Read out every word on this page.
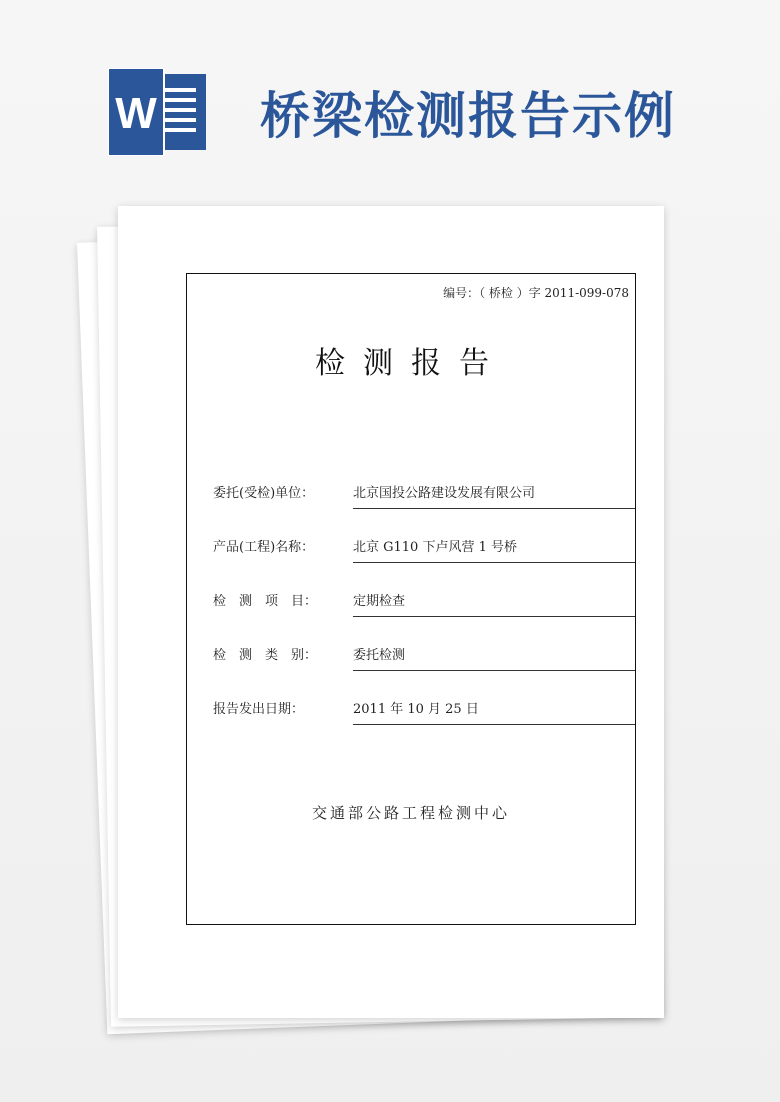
W 桥梁检测报告示例
编号：（ 桥检 ）字 2011-099-078
检测报告
委托(受检)单位：	北京国投公路建设发展有限公司
产品(工程)名称：	北京 G110 下卢风营 1 号桥
检　测　项　目：	定期检查
检　测　类　别：	委托检测
报告发出日期：	2011 年 10 月 25 日
交通部公路工程检测中心
